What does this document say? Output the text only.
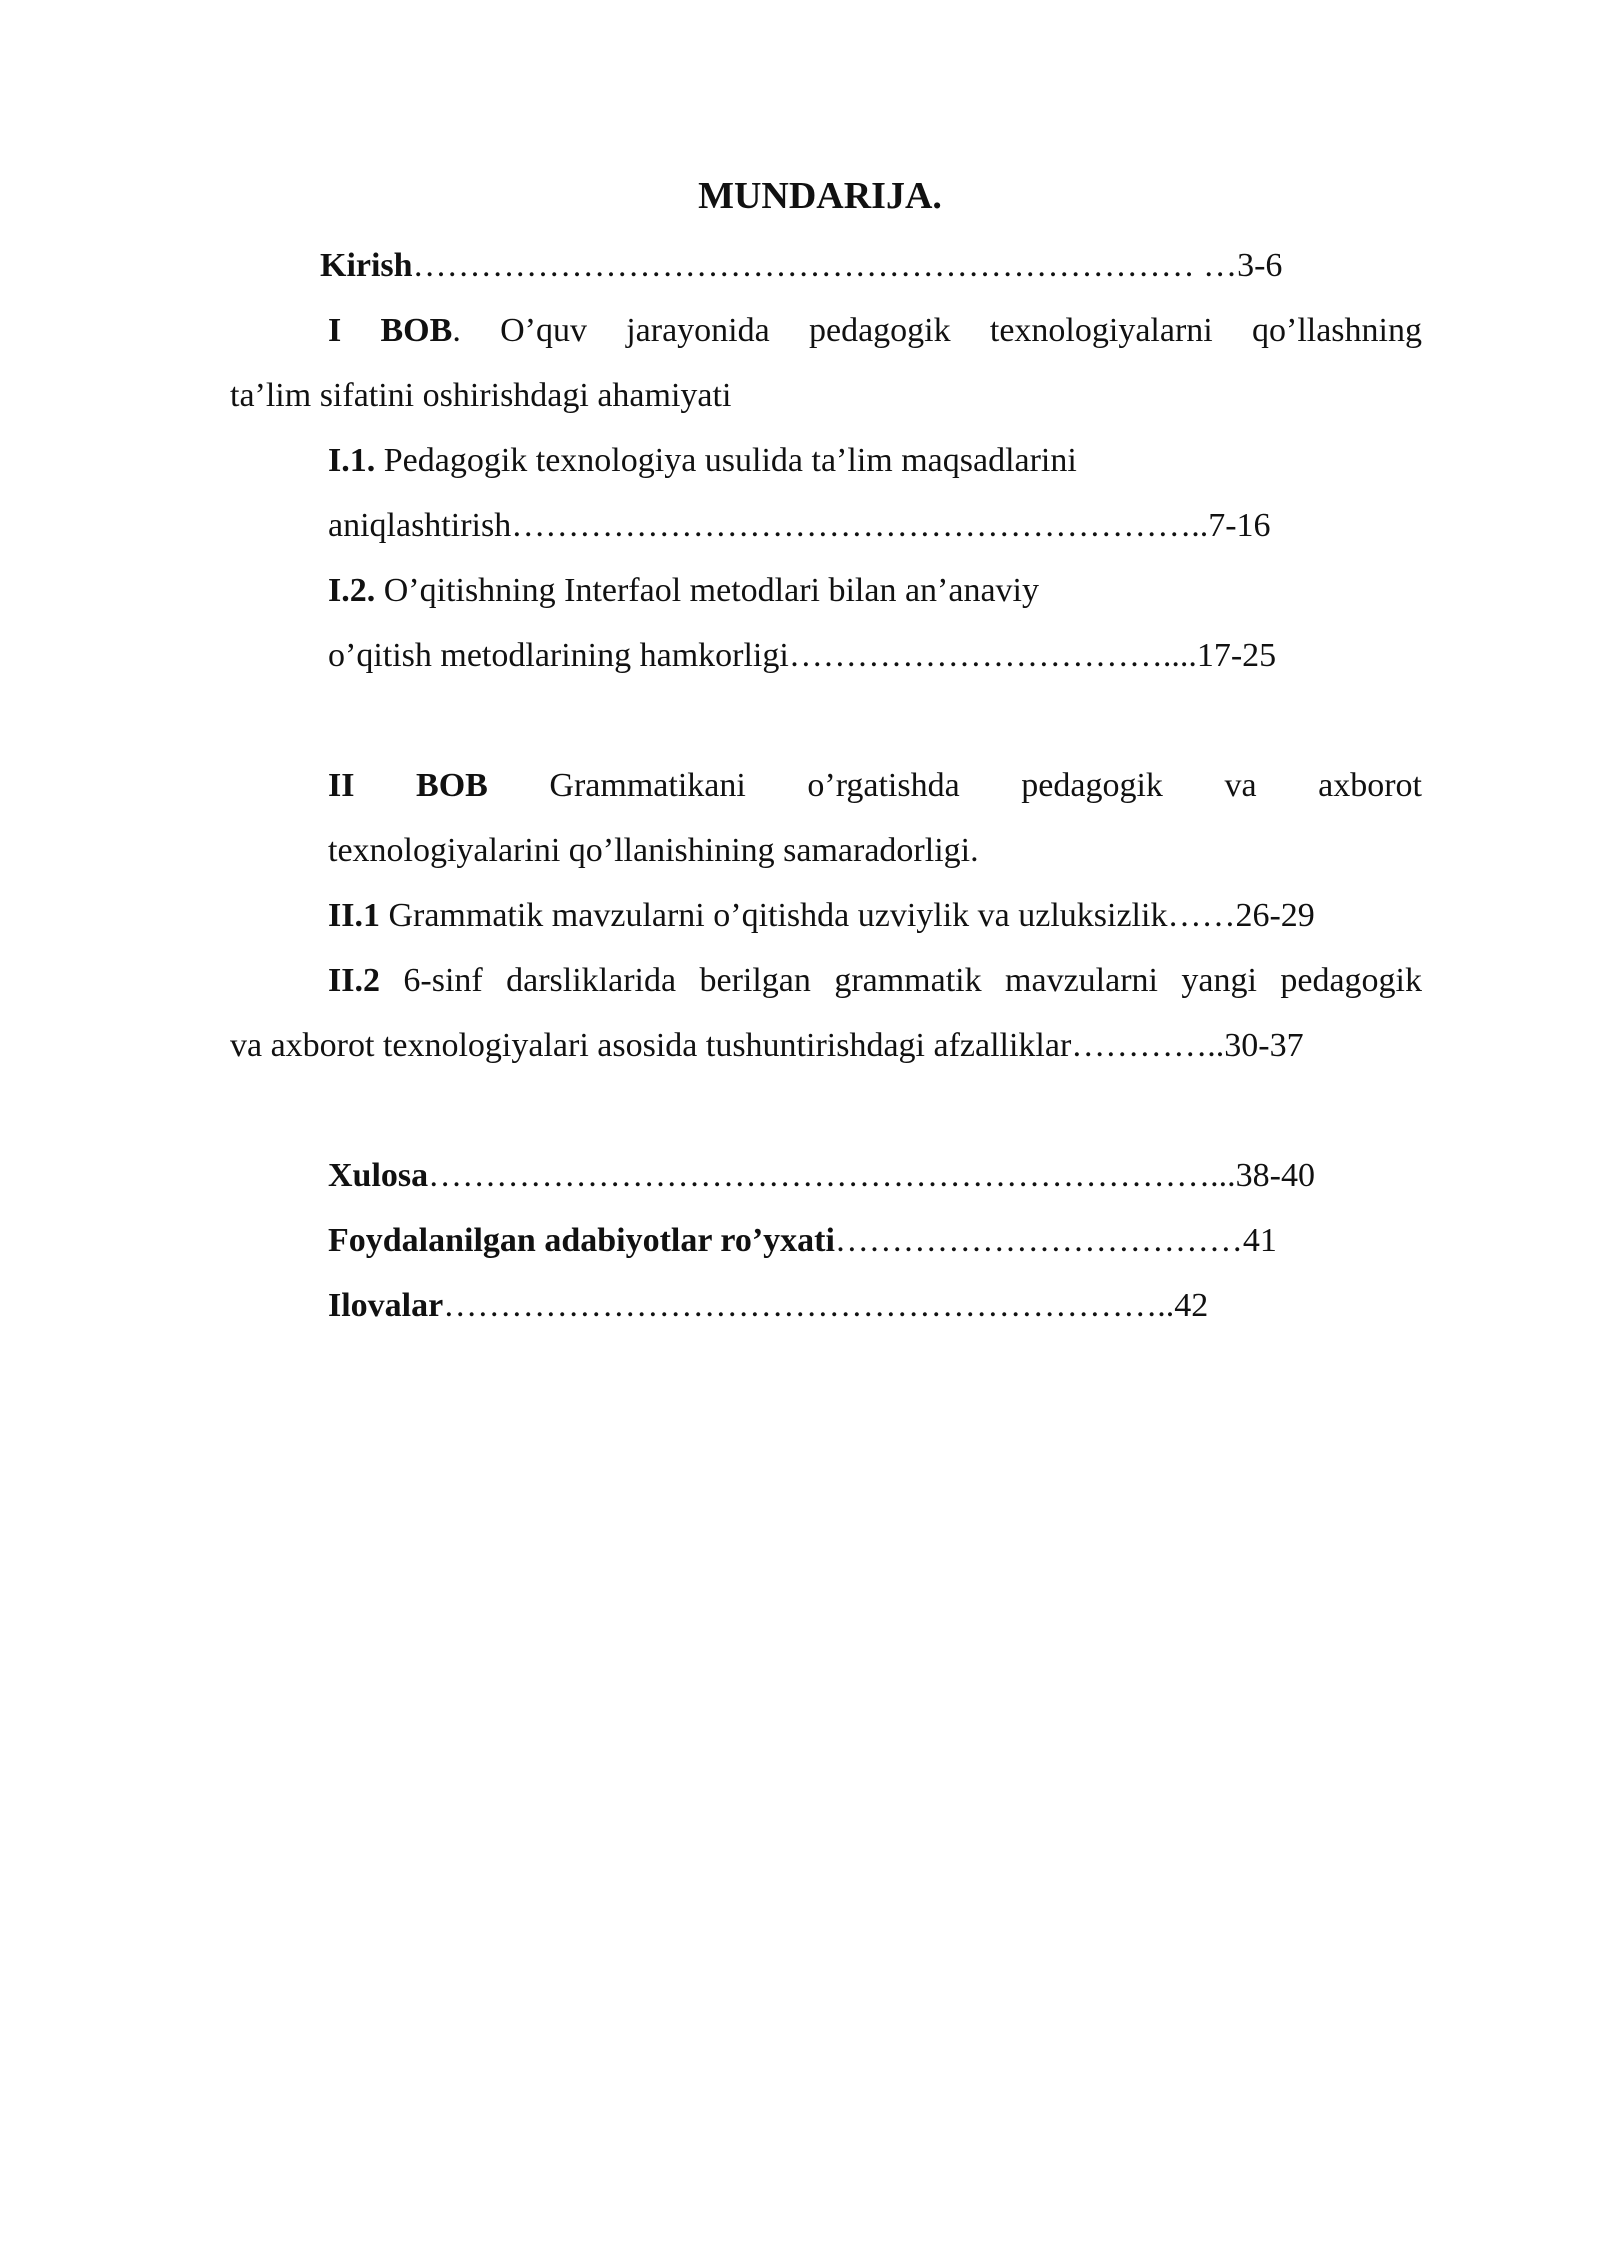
MUNDARIJA.
Kirish…………………………………………………………… …3-6
I BOB. O’quv jarayonida pedagogik texnologiyalarni qo’llashning
ta’lim sifatini oshirishdagi ahamiyati
I.1. Pedagogik texnologiya usulida ta’lim maqsadlarini
aniqlashtirish……………………………………………………..7-16
I.2. O’qitishning Interfaol metodlari bilan an’anaviy
o’qitish metodlarining hamkorligi……………………………....17-25
II BOB Grammatikani o’rgatishda pedagogik va axborot
texnologiyalarini qo’llanishining samaradorligi.
II.1 Grammatik mavzularni o’qitishda uzviylik va uzluksizlik……26-29
II.2 6-sinf darsliklarida berilgan grammatik mavzularni yangi pedagogik
va axborot texnologiyalari asosida tushuntirishdagi afzalliklar…………..30-37
Xulosa……………………………………………………………...38-40
Foydalanilgan adabiyotlar ro’yxati………………………………41
Ilovalar………………………………………………………..42
